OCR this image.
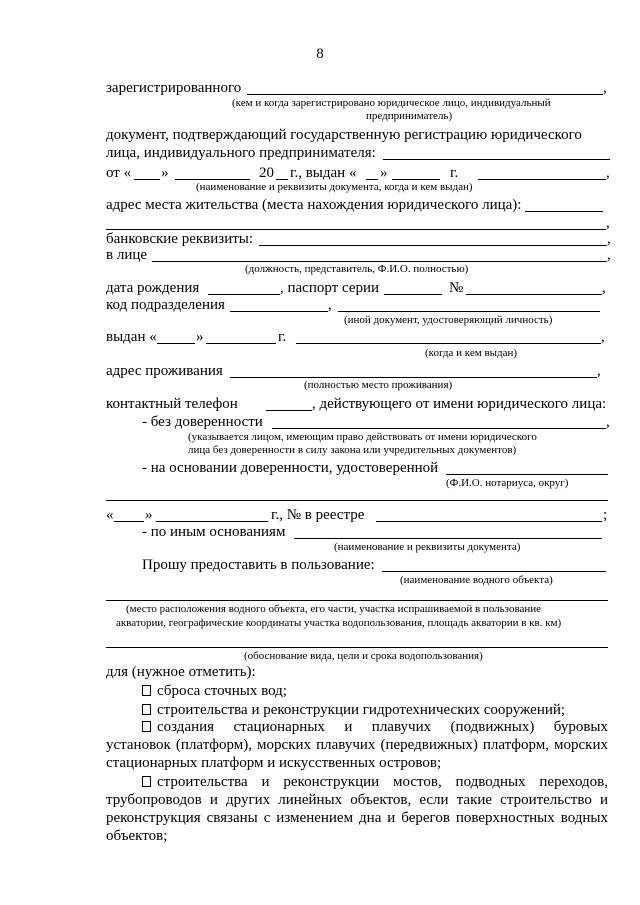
8
зарегистрированного	,
(кем и когда зарегистрировано юридическое лицо, индивидуальный
предприниматель)
документ, подтверждающий государственную регистрацию юридического
лица, индивидуального предпринимателя:
от « »	20 г., выдан « »	г.	,
(наименование и реквизиты документа, когда и кем выдан)
адрес места жительства (места нахождения юридического лица):
,
банковские реквизиты:	,
в лице	,
(должность, представитель, Ф.И.О. полностью)
дата рождения	, паспорт серии	№	,
код подразделения	,
(иной документ, удостоверяющий личность)
выдан «	»	г.	,
(когда и кем выдан)
адрес проживания	,
(полностью место проживания)
контактный телефон	, действующего от имени юридического лица:
- без доверенности	,
(указывается лицом, имеющим право действовать от имени юридического
лица без доверенности в силу закона или учредительных документов)
- на основании доверенности, удостоверенной
(Ф.И.О. нотариуса, округ)
« »	г., № в реестре	;
- по иным основаниям
(наименование и реквизиты документа)
Прошу предоставить в пользование:
(наименование водного объекта)
(место расположения водного объекта, его части, участка испрашиваемой в пользование
акватории, географические координаты участка водопользования, площадь акватории в кв. км)
(обоснование вида, цели и срока водопользования)
для (нужное отметить):
сброса сточных вод;
строительства и реконструкции гидротехнических сооружений;
создания стационарных и плавучих (подвижных) буровых
установок (платформ), морских плавучих (передвижных) платформ, морских
стационарных платформ и искусственных островов;
строительства и реконструкции мостов, подводных переходов,
трубопроводов и других линейных объектов, если такие строительство и
реконструкция связаны с изменением дна и берегов поверхностных водных
объектов;
